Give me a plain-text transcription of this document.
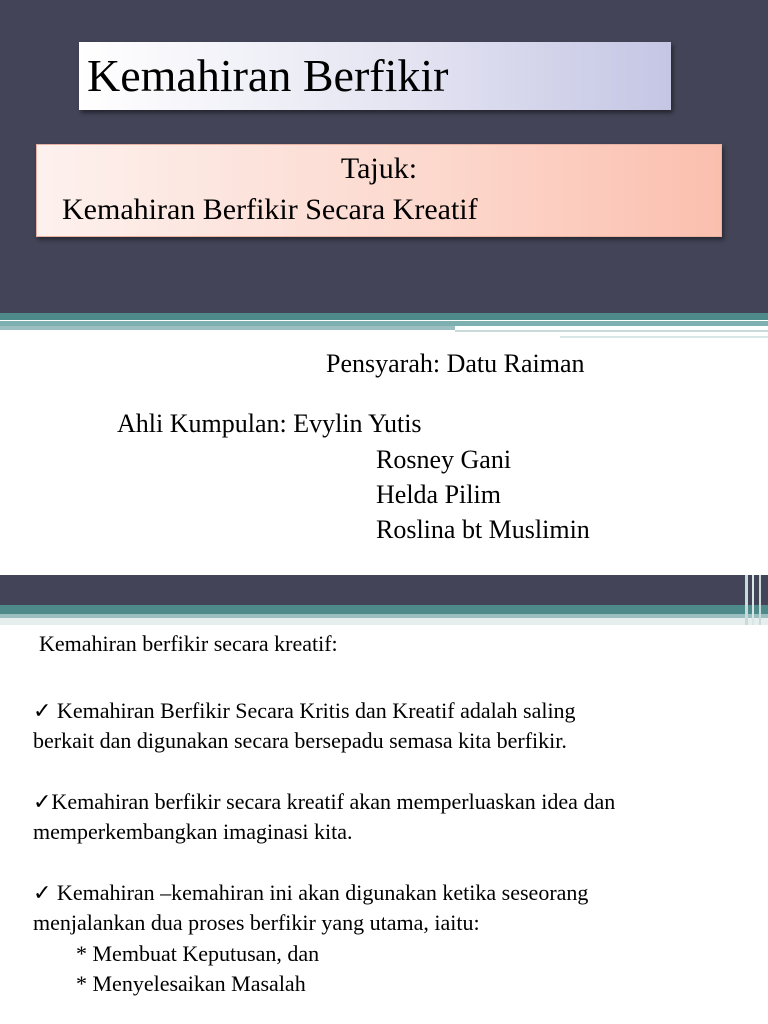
Kemahiran Berfikir
Tajuk:
Kemahiran Berfikir Secara Kreatif
Pensyarah: Datu Raiman
Ahli Kumpulan: Evylin Yutis
Rosney Gani
Helda Pilim
Roslina bt Muslimin
Kemahiran berfikir secara kreatif:
✓ Kemahiran Berfikir Secara Kritis dan Kreatif adalah saling
berkait dan digunakan secara bersepadu semasa kita berfikir.
✓Kemahiran berfikir secara kreatif akan memperluaskan idea dan
memperkembangkan imaginasi kita.
✓ Kemahiran –kemahiran ini akan digunakan ketika seseorang
menjalankan dua proses berfikir yang utama, iaitu:
* Membuat Keputusan, dan
* Menyelesaikan Masalah
